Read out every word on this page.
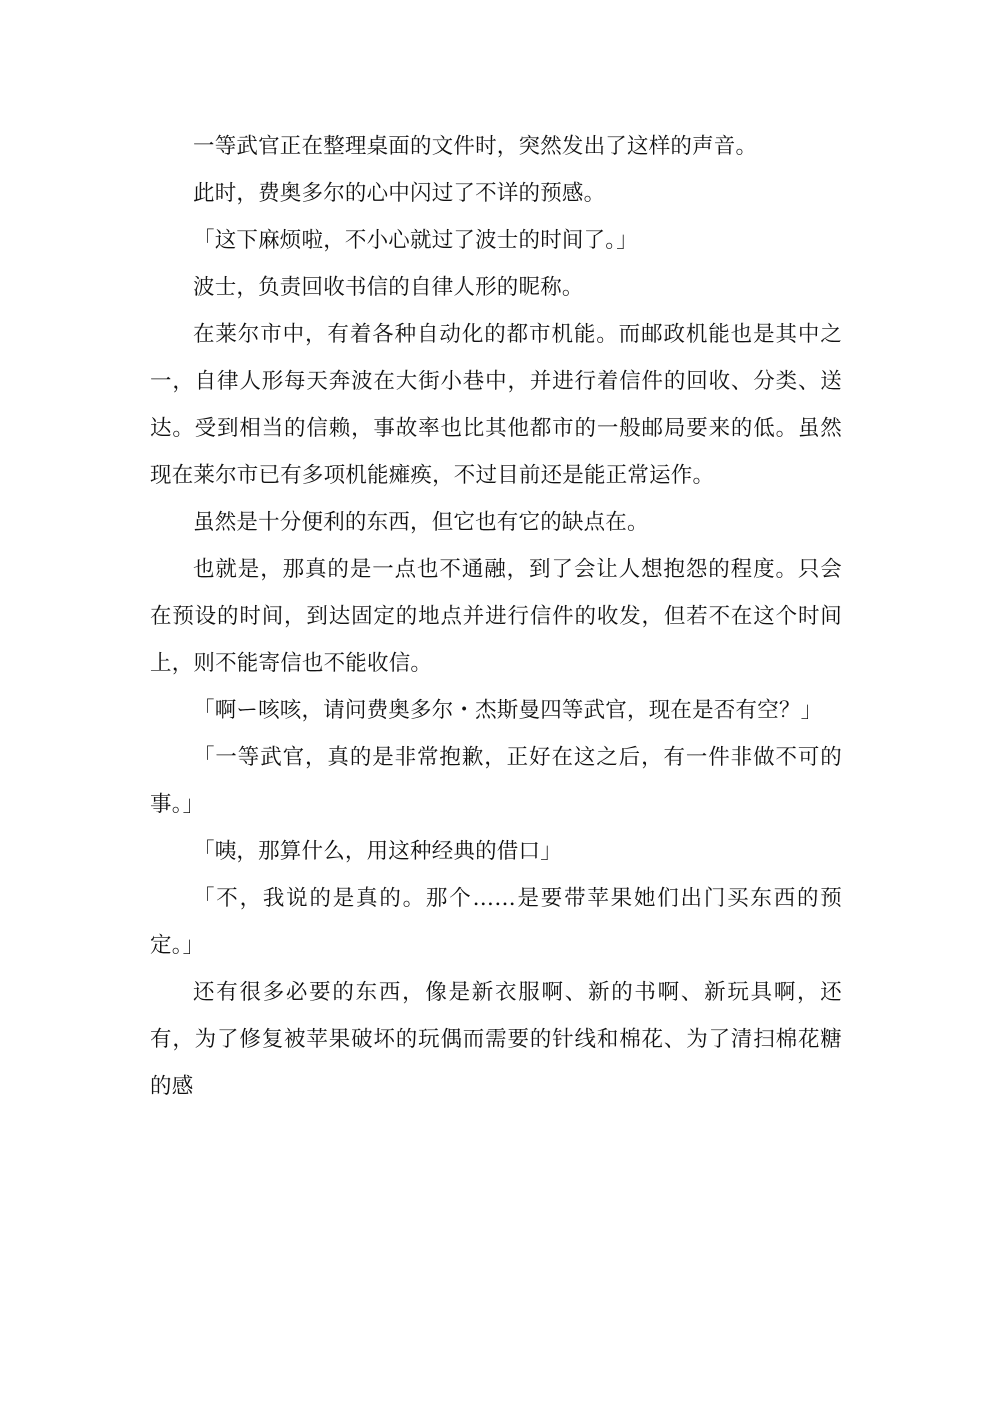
一等武官正在整理桌面的文件时，突然发出了这样的声音。

此时，费奥多尔的心中闪过了不详的预感。

「这下麻烦啦，不小心就过了波士的时间了。」

波士，负责回收书信的自律人形的昵称。

在莱尔市中，有着各种自动化的都市机能。而邮政机能也是其中之一，自律人形每天奔波在大街小巷中，并进行着信件的回收、分类、送达。受到相当的信赖，事故率也比其他都市的一般邮局要来的低。虽然现在莱尔市已有多项机能瘫痪，不过目前还是能正常运作。

虽然是十分便利的东西，但它也有它的缺点在。

也就是，那真的是一点也不通融，到了会让人想抱怨的程度。只会在预设的时间，到达固定的地点并进行信件的收发，但若不在这个时间上，则不能寄信也不能收信。

「啊ー咳咳，请问费奥多尔・杰斯曼四等武官，现在是否有空？」

「一等武官，真的是非常抱歉，正好在这之后，有一件非做不可的事。」

「咦，那算什么，用这种经典的借口」

「不，我说的是真的。那个……是要带苹果她们出门买东西的预定。」

还有很多必要的东西，像是新衣服啊、新的书啊、新玩具啊，还有，为了修复被苹果破坏的玩偶而需要的针线和棉花、为了清扫棉花糖的感
